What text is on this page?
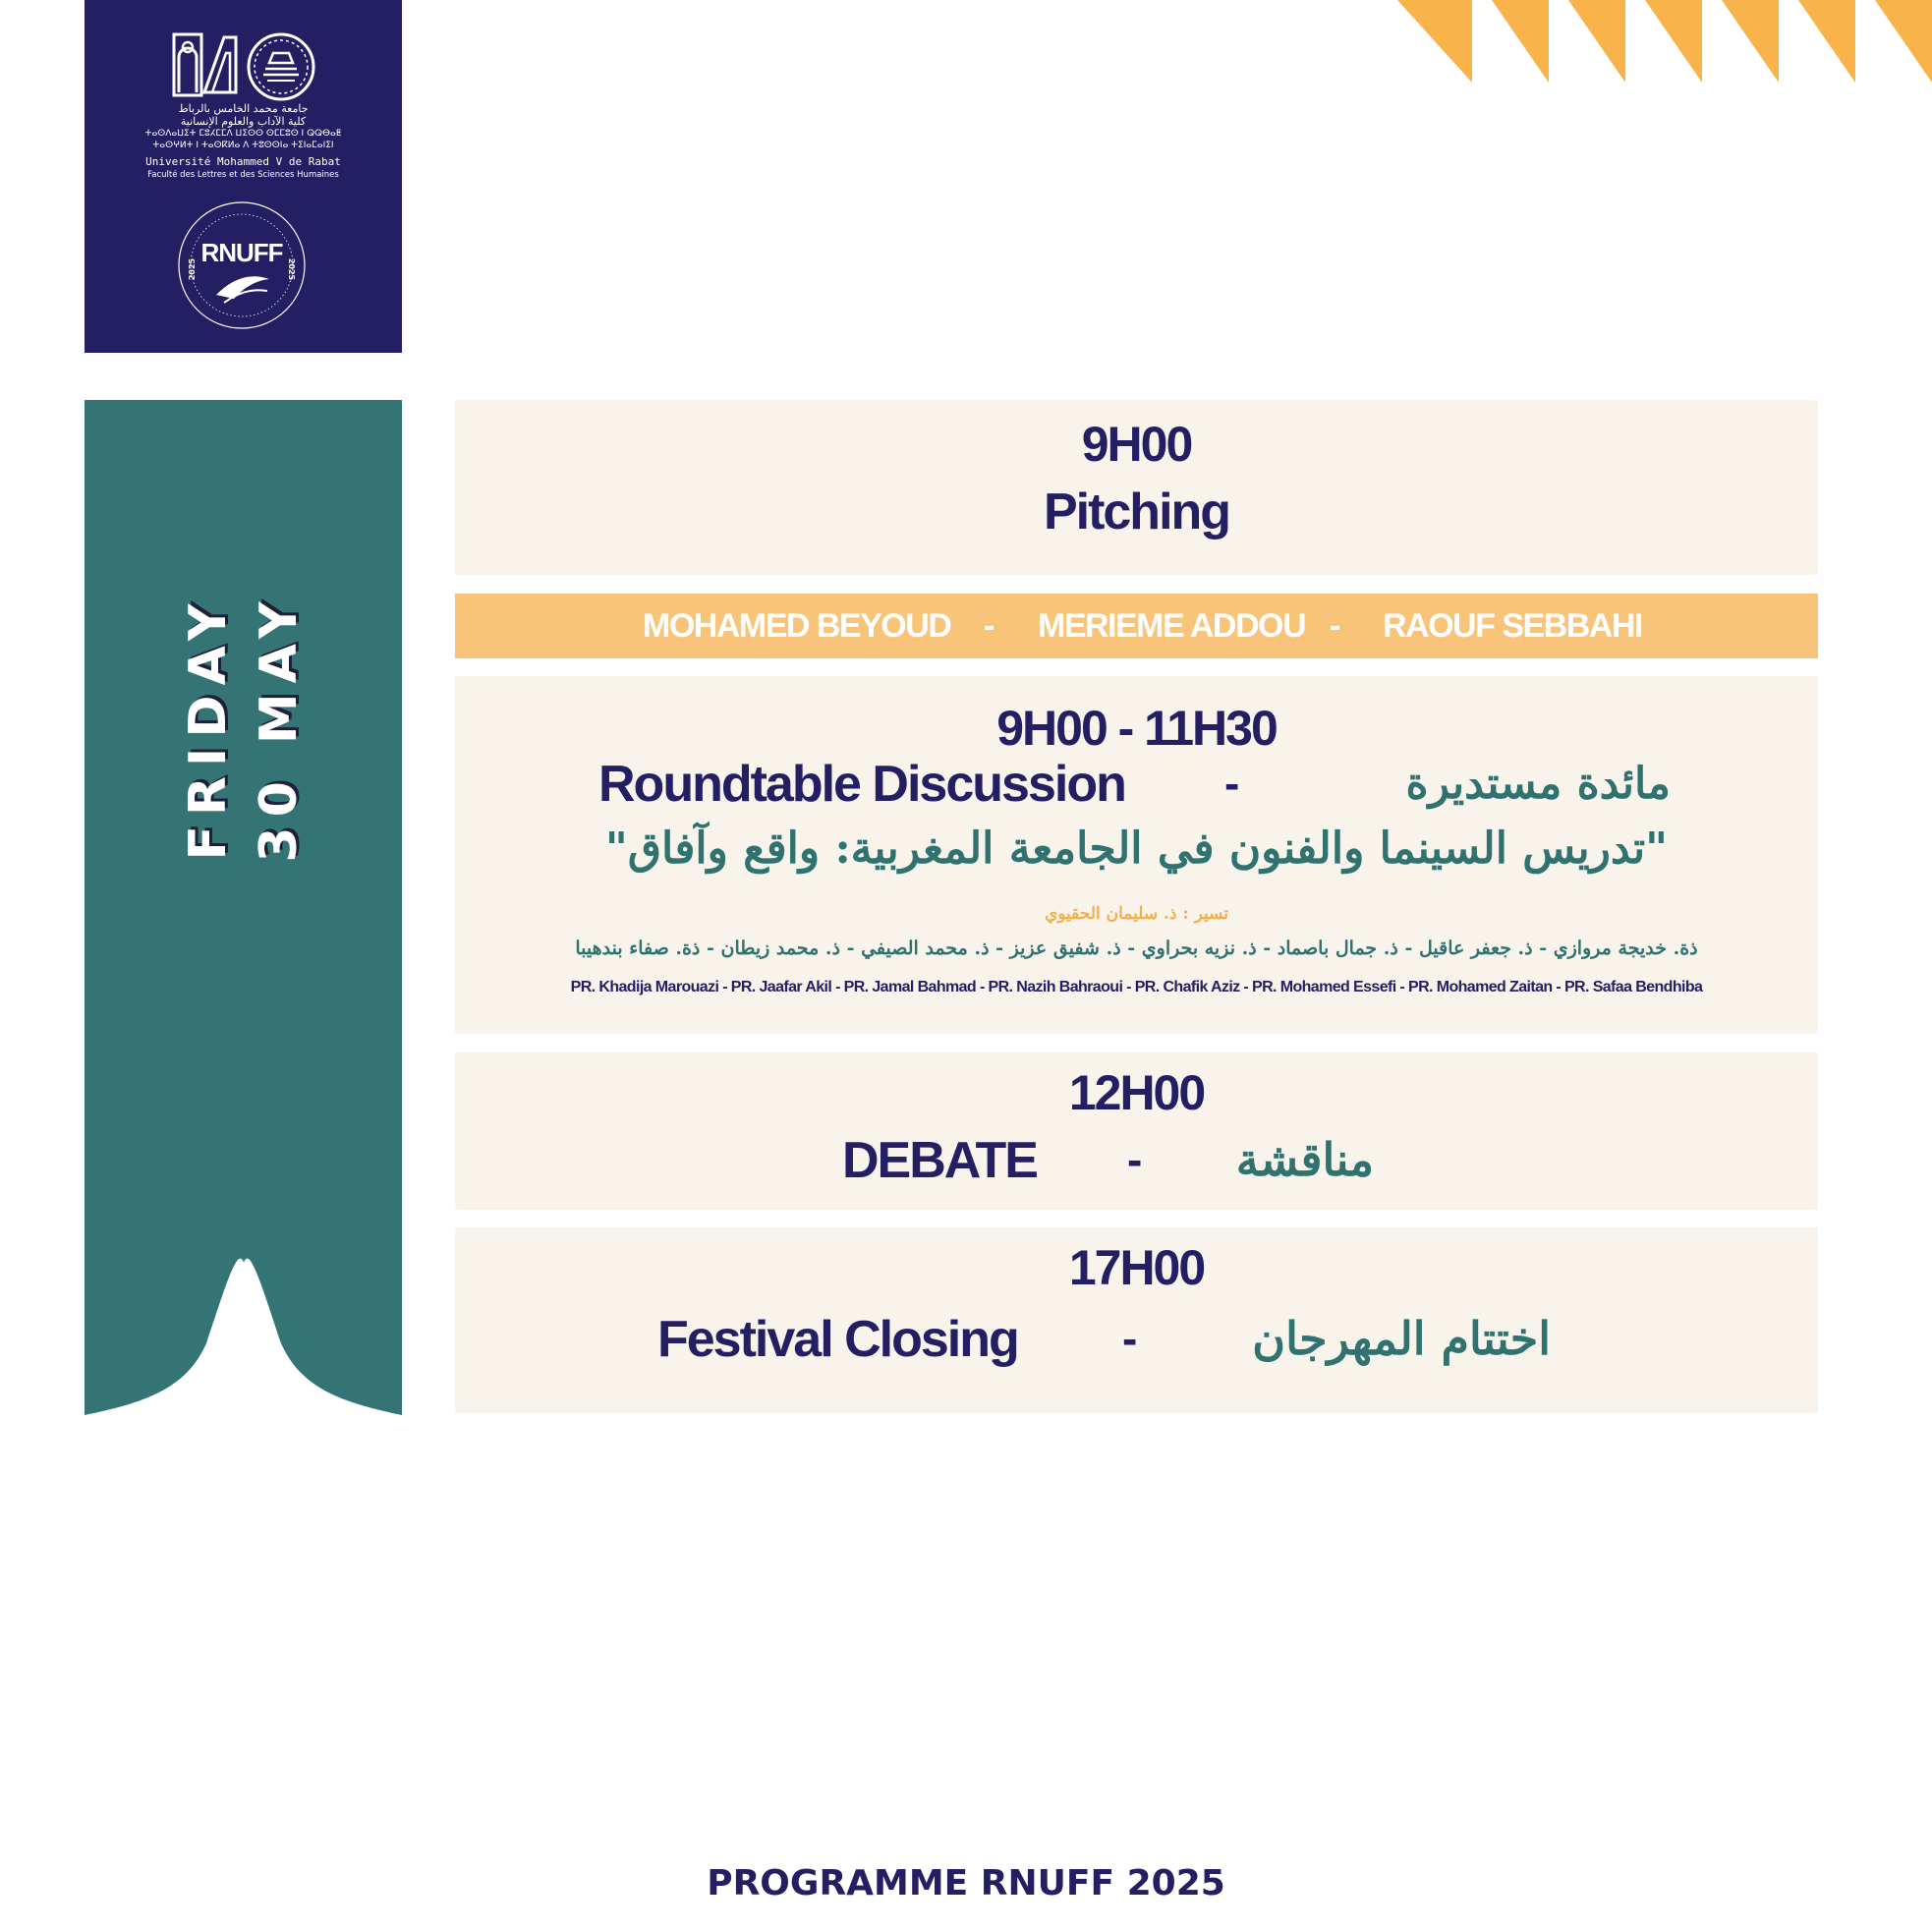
جامعة محمد الخامس بالرباط
كلية الآداب والعلوم الإنسانية
ⵜⴰⵙⴷⴰⵡⵉⵜ ⵎⵓⵃⵎⵎⴷ ⵡⵉⵙⵙ ⵙⵎⵎⵓⵙ ⵏ ⵕⵕⴱⴰⵟ
ⵜⴰⵙⵖⵍⵜ ⵏ ⵜⴰⵙⴽⵍⴰ ⴷ ⵜⵓⵙⵙⵏⴰ ⵜⵉⵏⴰⵎⴰⵏⵉⵏ
Université Mohammed V de Rabat
Faculté des Lettres et des Sciences Humaines
RNUFF
2025	2025
FRIDAY 30 MAY
9H00
Pitching
MOHAMED BEYOUD - MERIEME ADDOU - RAOUF SEBBAHI
9H00 - 11H30
Roundtable Discussion -	مائدة مستديرة
"تدريس السينما والفنون في الجامعة المغربية: واقع وآفاق"
تسير : ذ. سليمان الحقيوي
ذة. خديجة مروازي - ذ. جعفر عاقيل - ذ. جمال باصماد - ذ. نزيه بحراوي - ذ. شفيق عزيز - ذ. محمد الصيفي - ذ. محمد زيطان - ذة. صفاء بندهيبا
PR. Khadija Marouazi - PR. Jaafar Akil - PR. Jamal Bahmad - PR. Nazih Bahraoui - PR. Chafik Aziz - PR. Mohamed Essefi - PR. Mohamed Zaitan - PR. Safaa Bendhiba
12H00
DEBATE - مناقشة
17H00
Festival Closing -	اختتام المهرجان
PROGRAMME RNUFF 2025
